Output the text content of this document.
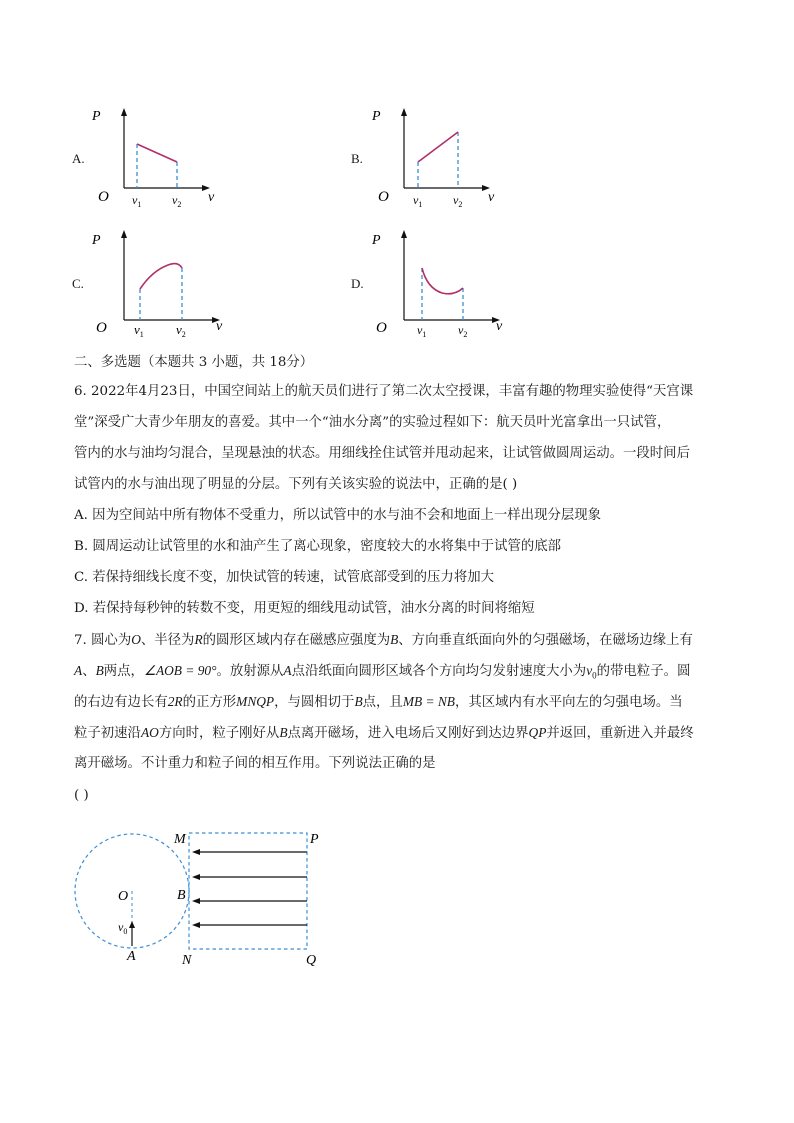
A.
P
O	v
$v_1$	$v_2$
B.
P
O	v
$v_1$	$v_2$
C.
P
O	v
$v_1$ $v_2$
D.
P
O	v
$v_1$	$v_2$
二、多选题（本题共 3 小题，共 18分）
6. 2022年4月23日，中国空间站上的航天员们进行了第二次太空授课，丰富有趣的物理实验使得“天宫课
堂”深受广大青少年朋友的喜爱。其中一个“油水分离”的实验过程如下：航天员叶光富拿出一只试管，
管内的水与油均匀混合，呈现悬浊的状态。用细线拴住试管并甩动起来，让试管做圆周运动。一段时间后
试管内的水与油出现了明显的分层。下列有关该实验的说法中，正确的是( )
A. 因为空间站中所有物体不受重力，所以试管中的水与油不会和地面上一样出现分层现象
B. 圆周运动让试管里的水和油产生了离心现象，密度较大的水将集中于试管的底部
C. 若保持细线长度不变，加快试管的转速，试管底部受到的压力将加大
D. 若保持每秒钟的转数不变，用更短的细线甩动试管，油水分离的时间将缩短
7. 圆心为O、半径为R的圆形区域内存在磁感应强度为B、方向垂直纸面向外的匀强磁场，在磁场边缘上有
A、B两点，∠AOB = 90°。放射源从A点沿纸面向圆形区域各个方向均匀发射速度大小为$v_0$的带电粒子。圆
的右边有边长有2R的正方形MNQP，与圆相切于B点，且MB = NB，其区域内有水平向左的匀强电场。当
粒子初速沿AO方向时，粒子刚好从B点离开磁场，进入电场后又刚好到达边界QP并返回，重新进入并最终
离开磁场。不计重力和粒子间的相互作用。下列说法正确的是
( )
M	P
O	B
$v_0$
A	N	Q
